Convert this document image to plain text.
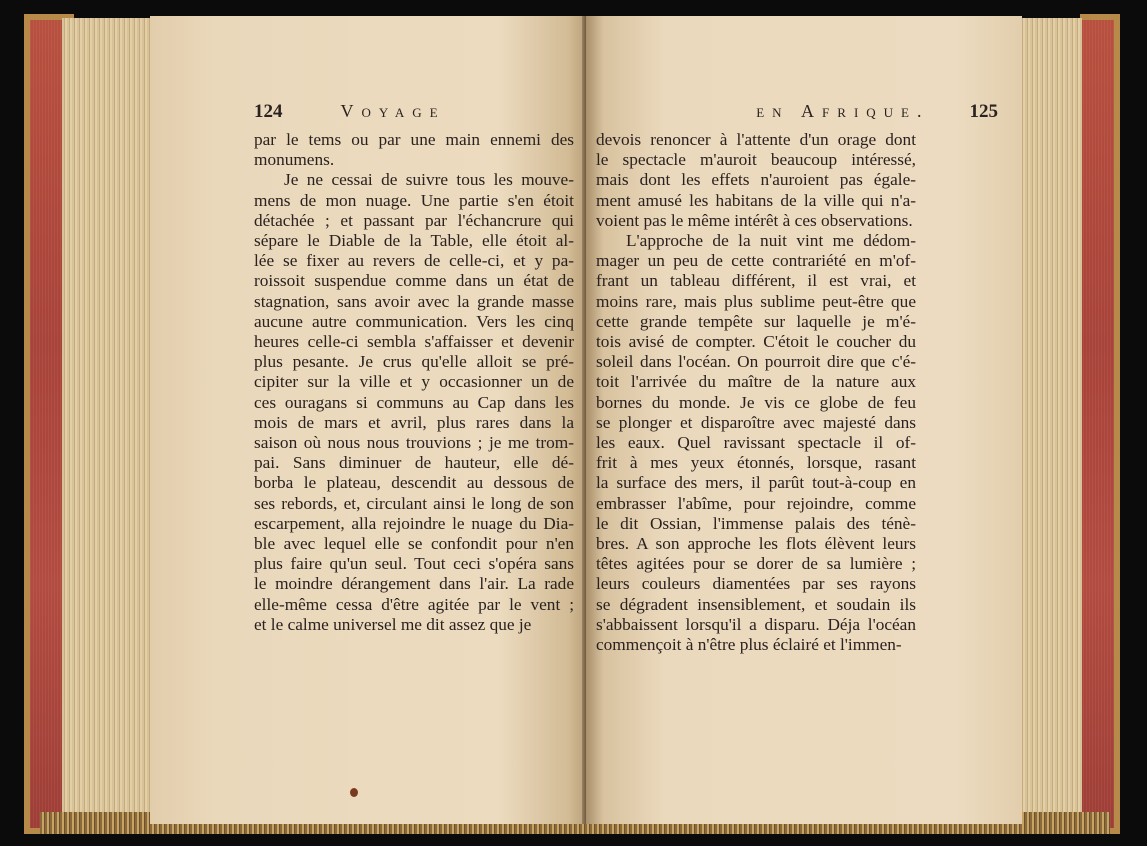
124	Voyage
par le tems ou par une main ennemi des
monumens.
Je ne cessai de suivre tous les mouve-
mens de mon nuage. Une partie s'en étoit
détachée ; et passant par l'échancrure qui
sépare le Diable de la Table, elle étoit al-
lée se fixer au revers de celle-ci, et y pa-
roissoit suspendue comme dans un état de
stagnation, sans avoir avec la grande masse
aucune autre communication. Vers les cinq
heures celle-ci sembla s'affaisser et devenir
plus pesante. Je crus qu'elle alloit se pré-
cipiter sur la ville et y occasionner un de
ces ouragans si communs au Cap dans les
mois de mars et avril, plus rares dans la
saison où nous nous trouvions ; je me trom-
pai. Sans diminuer de hauteur, elle dé-
borba le plateau, descendit au dessous de
ses rebords, et, circulant ainsi le long de son
escarpement, alla rejoindre le nuage du Dia-
ble avec lequel elle se confondit pour n'en
plus faire qu'un seul. Tout ceci s'opéra sans
le moindre dérangement dans l'air. La rade
elle-même cessa d'être agitée par le vent ;
et le calme universel me dit assez que je
en Afrique. 125
devois renoncer à l'attente d'un orage dont
le spectacle m'auroit beaucoup intéressé,
mais dont les effets n'auroient pas égale-
ment amusé les habitans de la ville qui n'a-
voient pas le même intérêt à ces observations.
L'approche de la nuit vint me dédom-
mager un peu de cette contrariété en m'of-
frant un tableau différent, il est vrai, et
moins rare, mais plus sublime peut-être que
cette grande tempête sur laquelle je m'é-
tois avisé de compter. C'étoit le coucher du
soleil dans l'océan. On pourroit dire que c'é-
toit l'arrivée du maître de la nature aux
bornes du monde. Je vis ce globe de feu
se plonger et disparoître avec majesté dans
les eaux. Quel ravissant spectacle il of-
frit à mes yeux étonnés, lorsque, rasant
la surface des mers, il parût tout-à-coup en
embrasser l'abîme, pour rejoindre, comme
le dit Ossian, l'immense palais des ténè-
bres. A son approche les flots élèvent leurs
têtes agitées pour se dorer de sa lumière ;
leurs couleurs diamentées par ses rayons
se dégradent insensiblement, et soudain ils
s'abbaissent lorsqu'il a disparu. Déja l'océan
commençoit à n'être plus éclairé et l'immen-
